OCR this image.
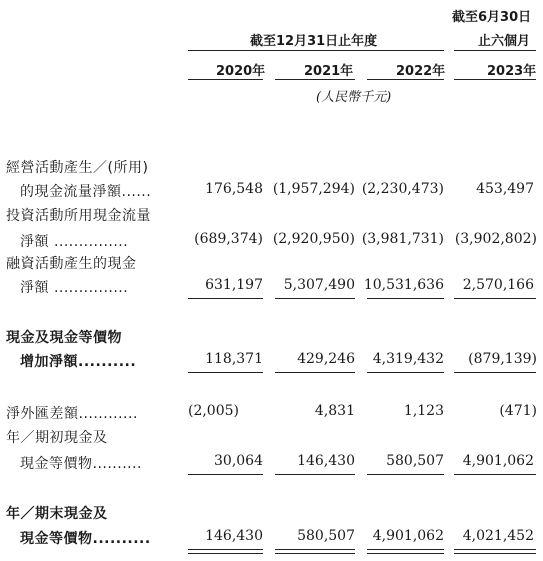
截至6月30日
止六個月
截至12月31日止年度
2020年	2021年	2022年	2023年
(人民幣千元)
經營活動產生／(所用)
的現金流量淨額......	176,548 (1,957,294) (2,230,473)	453,497
投資活動所用現金流量
淨額 ...............	(689,374) (2,920,950) (3,981,731) (3,902,802)
融資活動產生的現金
淨額 ...............	631,197	5,307,490 10,531,636	2,570,166
現金及現金等價物
增加淨額..........	118,371	429,246	4,319,432	(879,139)
淨外匯差額............	(2,005)	4,831	1,123	(471)
年／期初現金及
現金等價物..........	30,064	146,430	580,507	4,901,062
年／期末現金及
現金等價物..........	146,430	580,507	4,901,062	4,021,452
